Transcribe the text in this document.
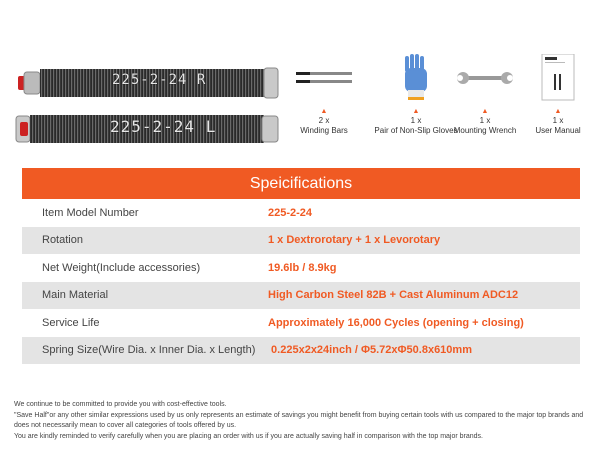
225-2-24 R
225-2-24 L
▲
2 x
Winding Bars
▲
1 x
Pair of Non-Slip Gloves
▲
1 x
Mounting Wrench
▲
1 x
User Manual
Speicifications
Item Model Number	225-2-24
Rotation	1 x Dextrorotary + 1 x Levorotary
Net Weight(Include accessories)	19.6lb / 8.9kg
Main Material	High Carbon Steel 82B + Cast Aluminum ADC12
Service Life	Approximately 16,000 Cycles (opening + closing)
Spring Size(Wire Dia. x Inner Dia. x Length)	0.225x2x24inch / Φ5.72xΦ50.8x610mm

We continue to be committed to provide you with cost-effective tools.

"Save Half"or any other similar expressions used by us only represents an estimate of savings you might benefit from buying certain tools with us compared to the major top brands and does not necessarily mean to cover all categories of tools offered by us.

You are kindly reminded to verify carefully when you are placing an order with us if you are actually saving half in comparison with the top major brands.
